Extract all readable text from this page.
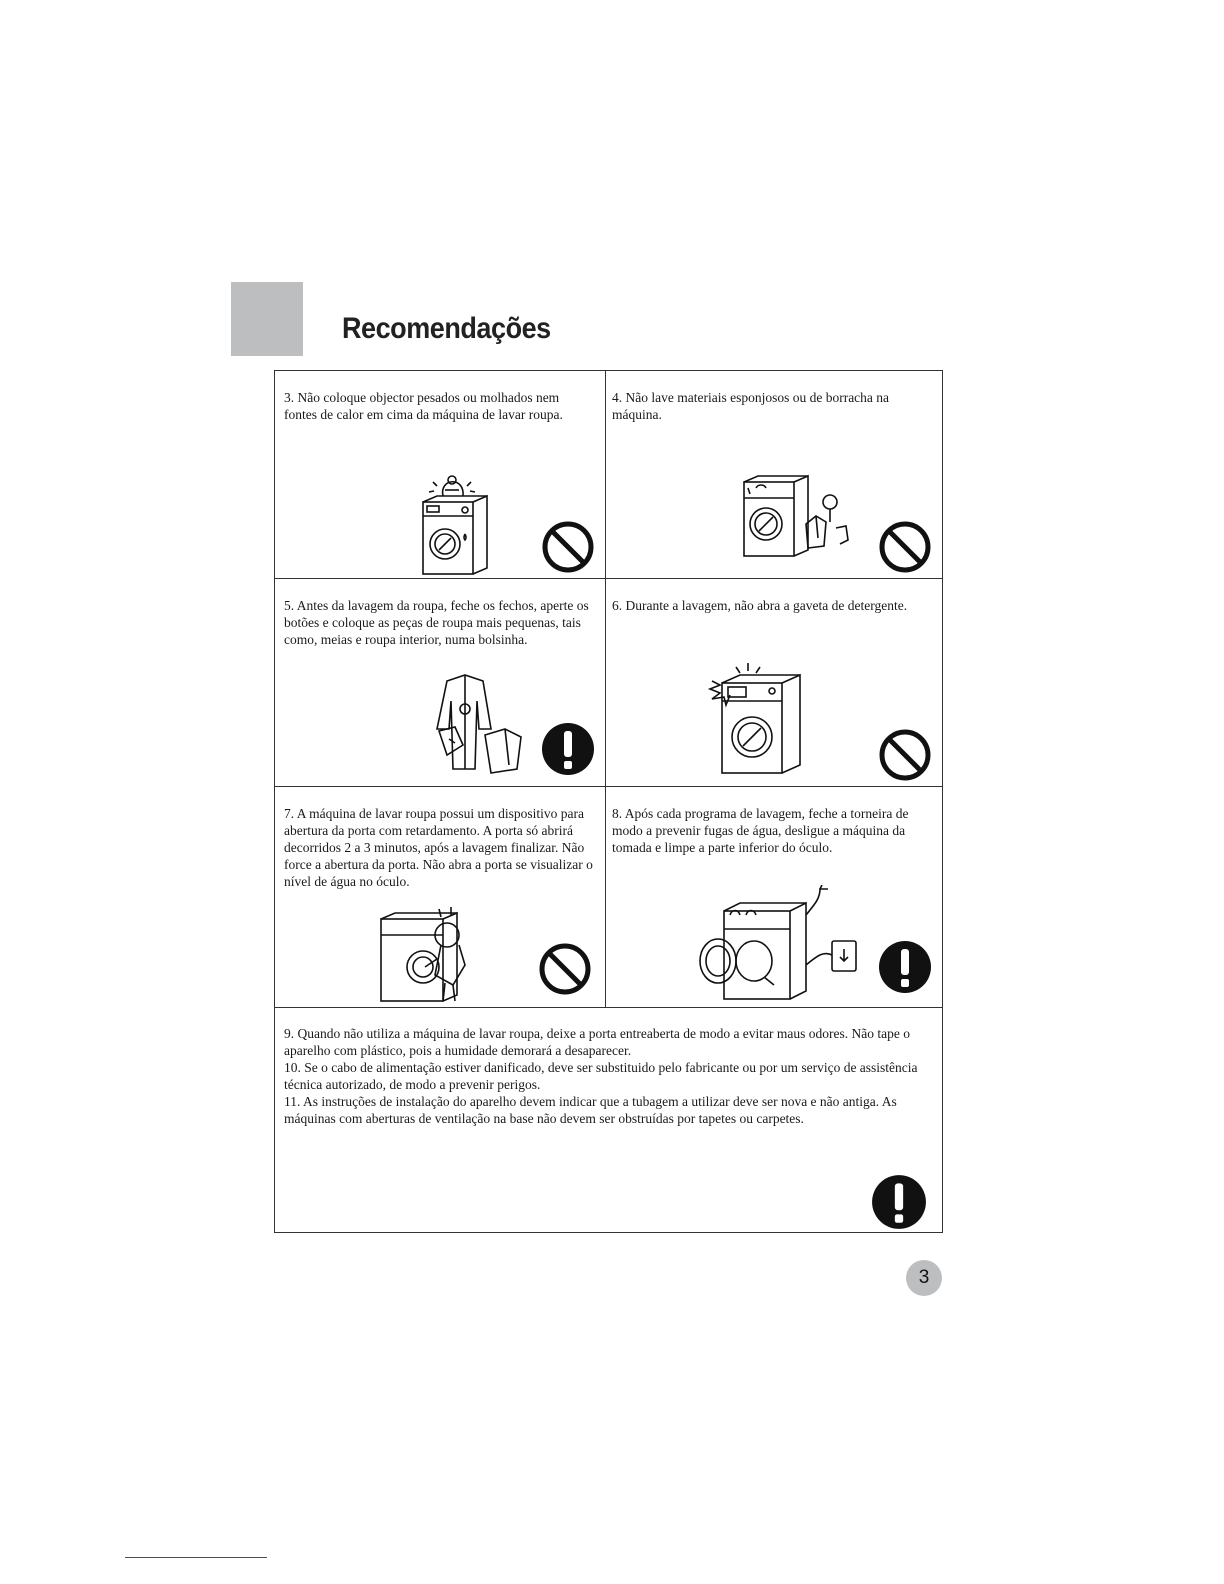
Recomendações

3. Não coloque objector pesados ou molhados nem fontes de calor em cima da máquina de lavar roupa.

4. Não lave materiais esponjosos ou de borracha na máquina.

5. Antes da lavagem da roupa, feche os fechos, aperte os botões e coloque as peças de roupa mais pequenas, tais como, meias e roupa interior, numa bolsinha.

6. Durante a lavagem, não abra a gaveta de detergente.

7. A máquina de lavar roupa possui um dispositivo para abertura da porta com retardamento. A porta só abrirá decorridos 2 a 3 minutos, após a lavagem finalizar. Não force a abertura da porta. Não abra a porta se visualizar o nível de água no óculo.

8. Após cada programa de lavagem, feche a torneira de modo a prevenir fugas de água, desligue a máquina da tomada e limpe a parte inferior do óculo.

9. Quando não utiliza a máquina de lavar roupa, deixe a porta entreaberta de modo a evitar maus odores. Não tape o aparelho com plástico, pois a humidade demorará a desaparecer.
10. Se o cabo de alimentação estiver danificado, deve ser substituido pelo fabricante ou por um serviço de assistência técnica autorizado, de modo a prevenir perigos.
11. As instruções de instalação do aparelho devem indicar que a tubagem a utilizar deve ser nova e não antiga. As máquinas com aberturas de ventilação na base não devem ser obstruídas por tapetes ou carpetes.
3
